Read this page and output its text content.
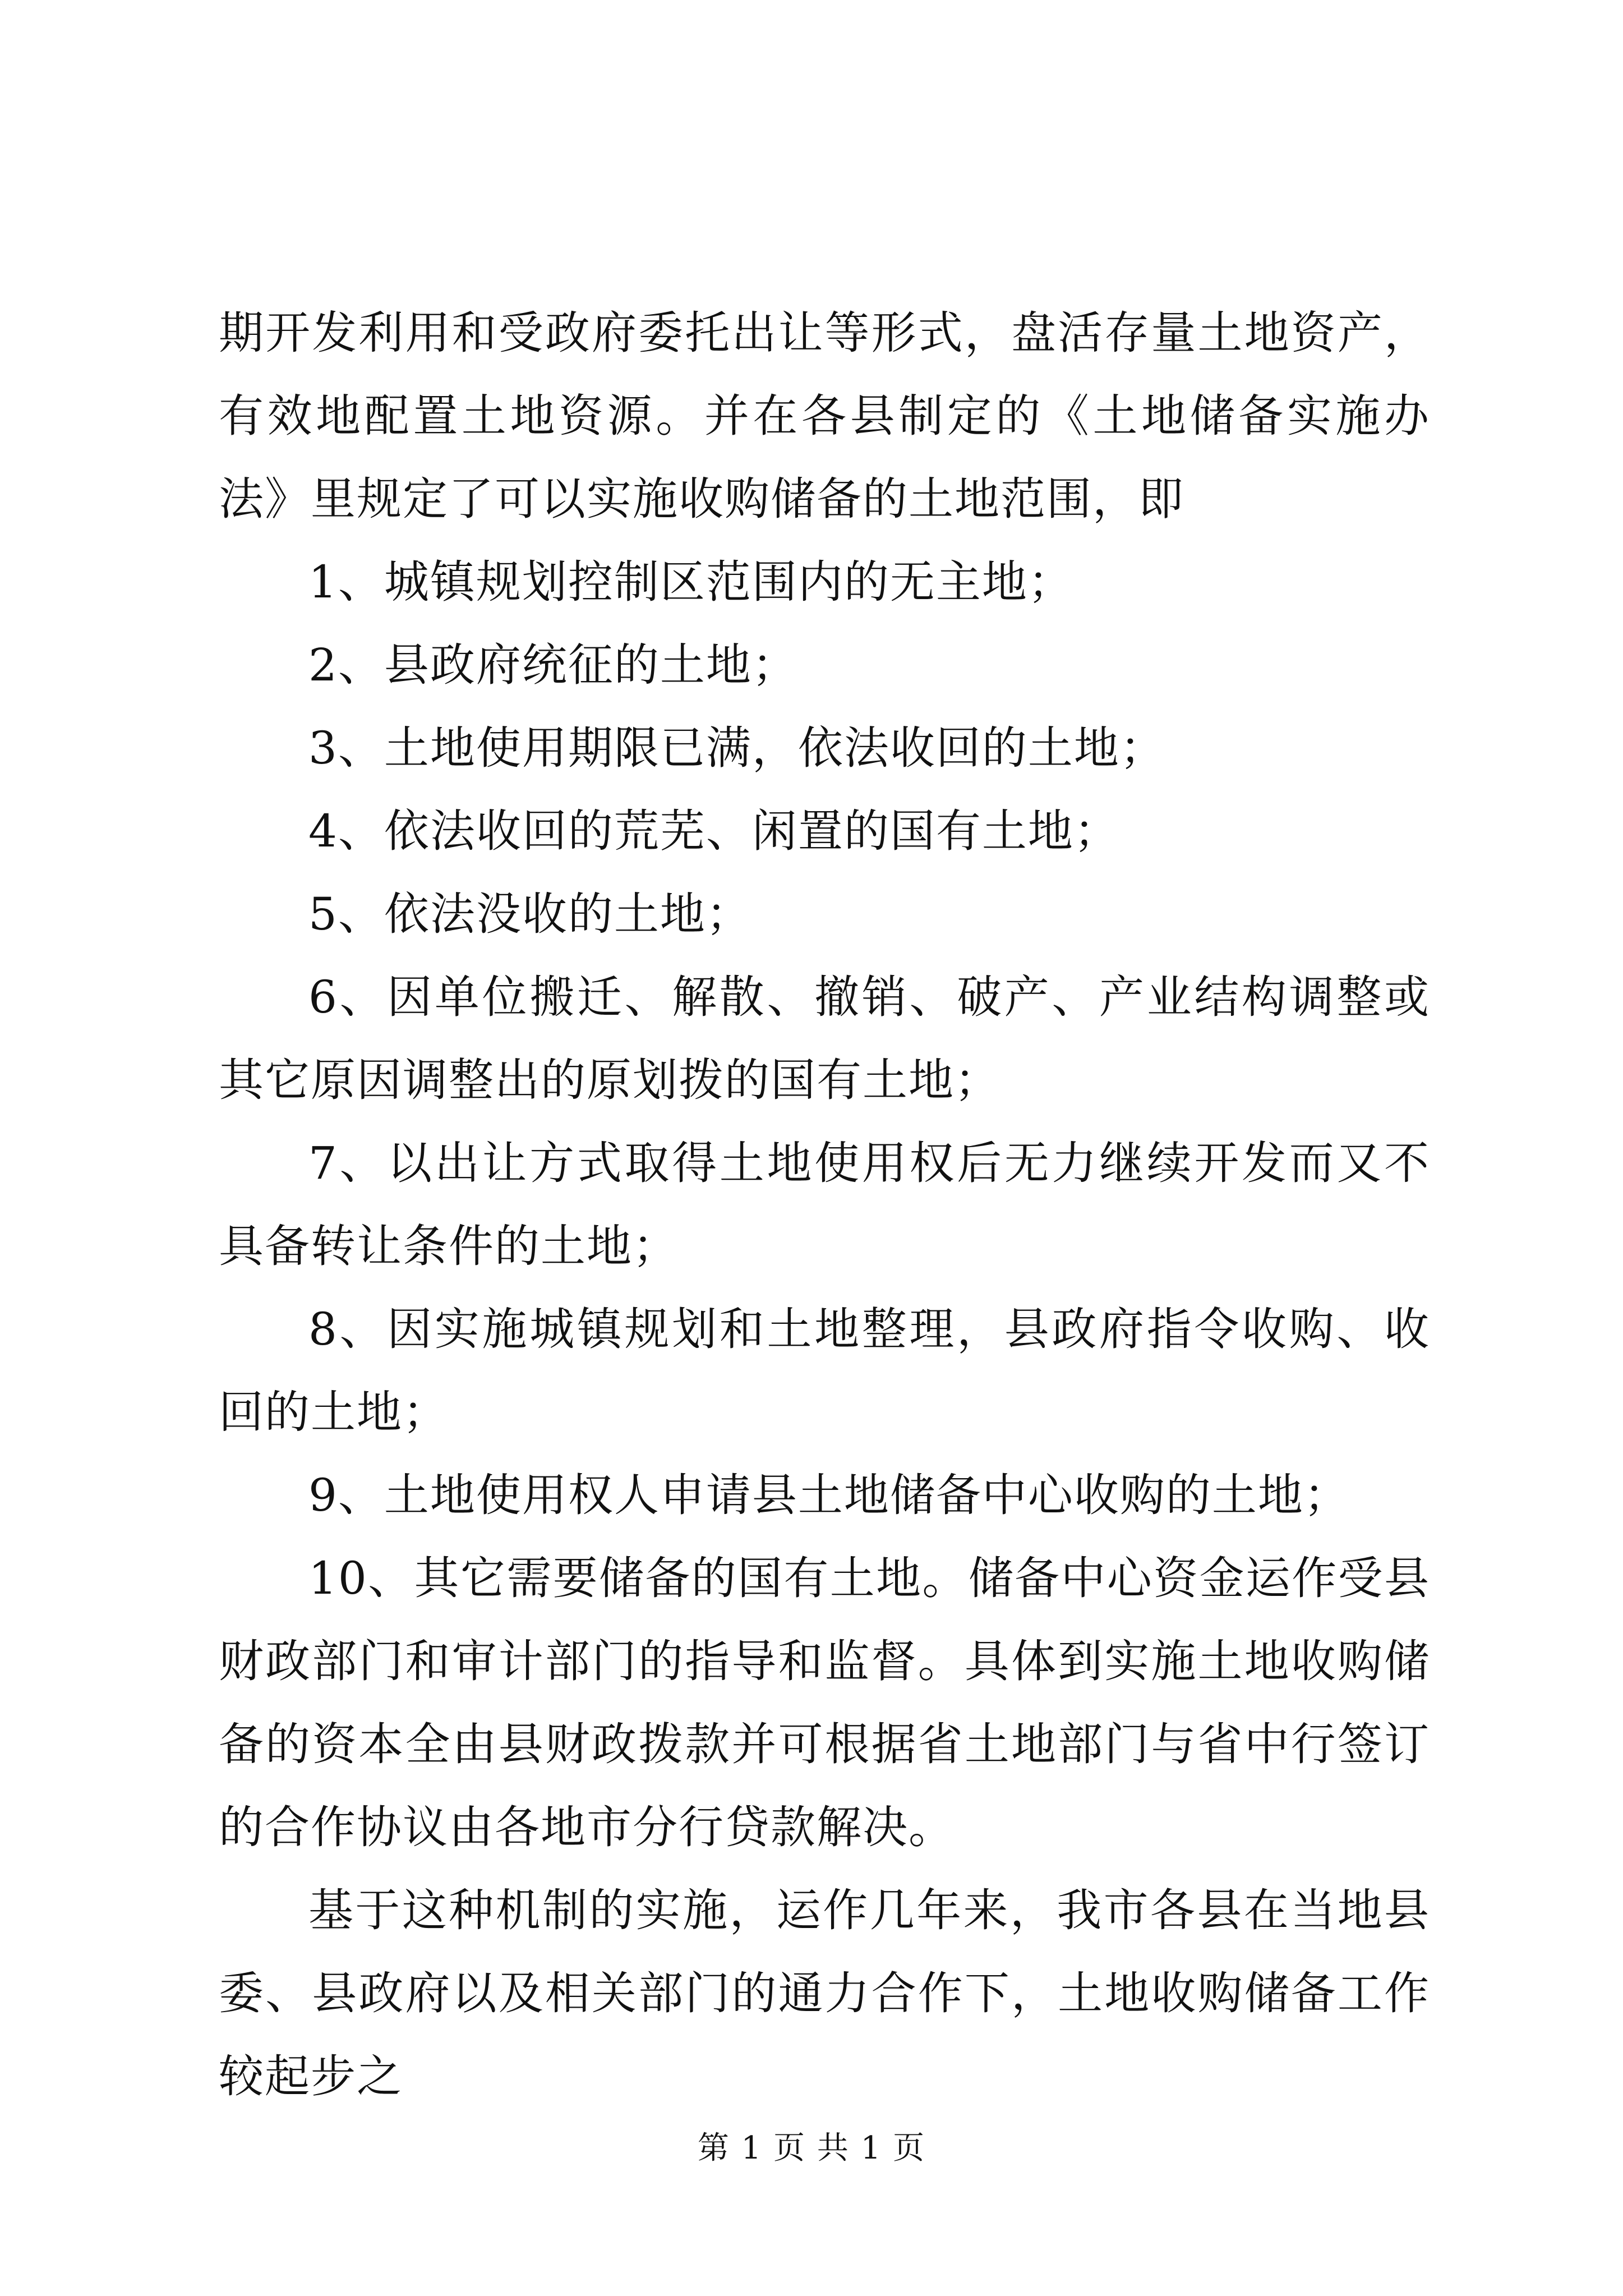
期开发利用和受政府委托出让等形式，盘活存量土地资产，有效地配置土地资源。并在各县制定的《土地储备实施办法》里规定了可以实施收购储备的土地范围，即

1、城镇规划控制区范围内的无主地；

2、县政府统征的土地；

3、土地使用期限已满，依法收回的土地；

4、依法收回的荒芜、闲置的国有土地；

5、依法没收的土地；

6、因单位搬迁、解散、撤销、破产、产业结构调整或其它原因调整出的原划拨的国有土地；

7、以出让方式取得土地使用权后无力继续开发而又不具备转让条件的土地；

8、因实施城镇规划和土地整理，县政府指令收购、收回的土地；

9、土地使用权人申请县土地储备中心收购的土地；

10、其它需要储备的国有土地。储备中心资金运作受县财政部门和审计部门的指导和监督。具体到实施土地收购储备的资本全由县财政拨款并可根据省土地部门与省中行签订的合作协议由各地市分行贷款解决。

基于这种机制的实施，运作几年来，我市各县在当地县委、县政府以及相关部门的通力合作下，土地收购储备工作较起步之

第 1 页 共 1 页
